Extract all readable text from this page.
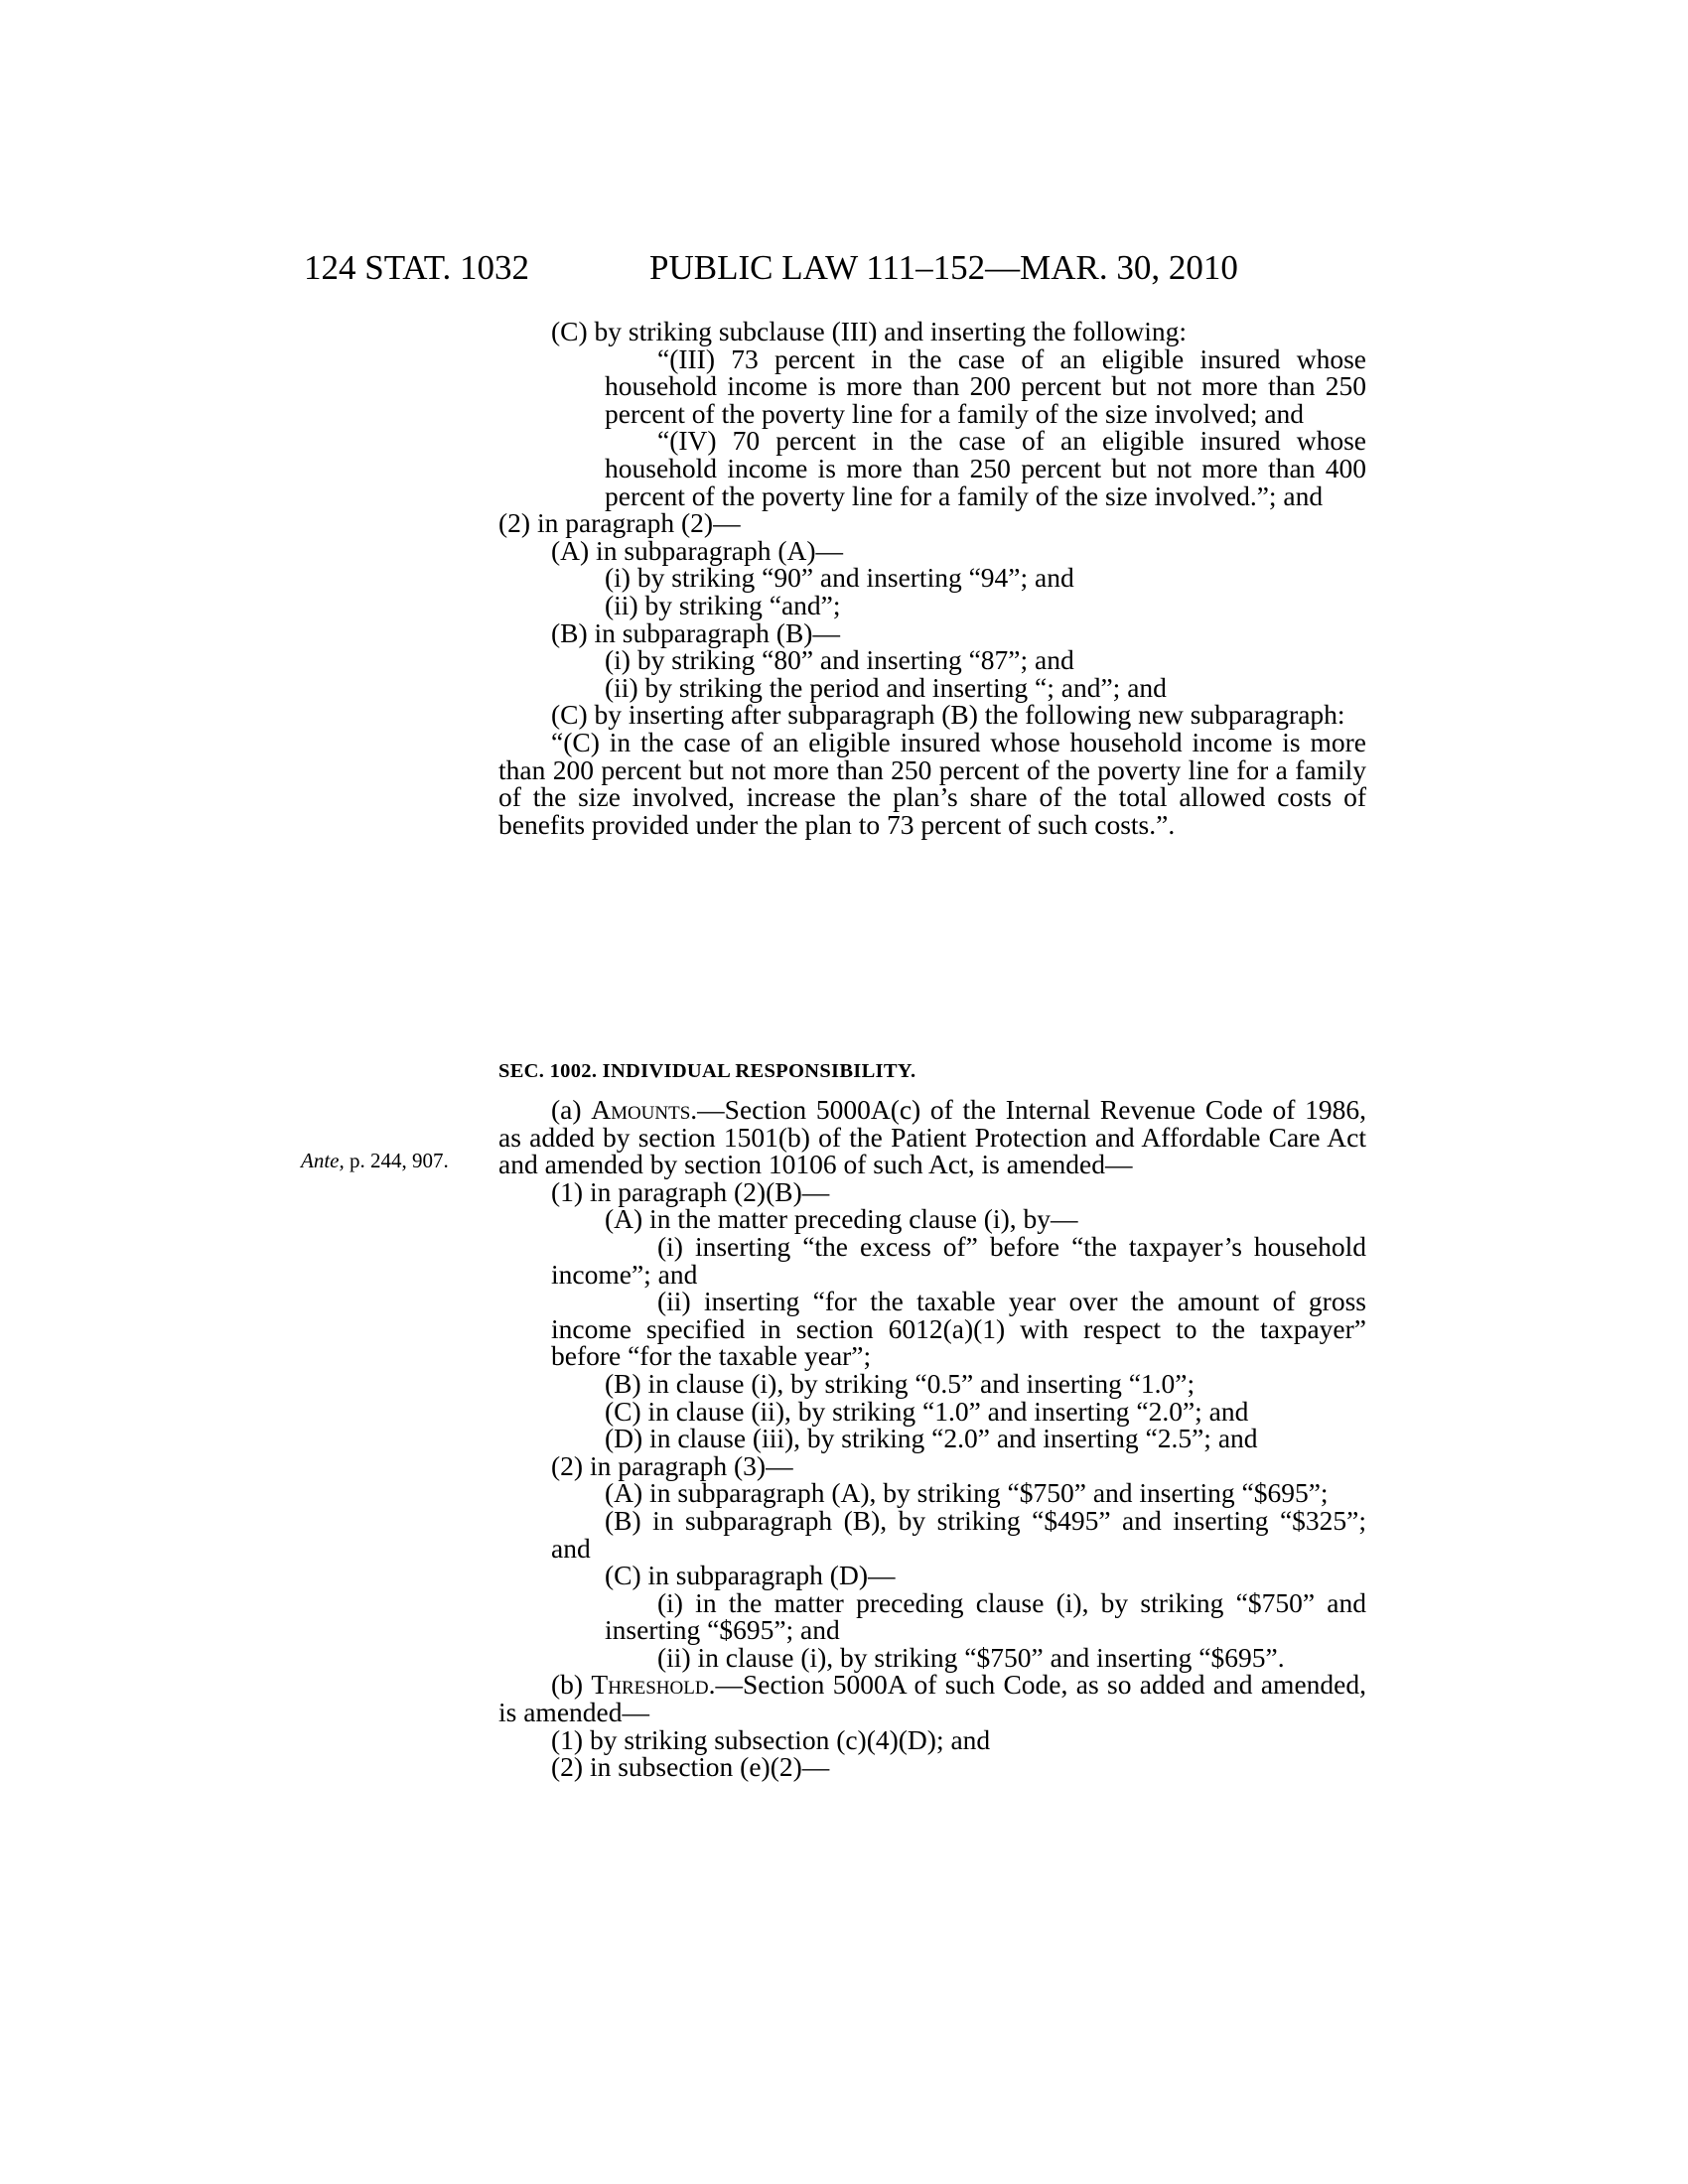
124 STAT. 1032	PUBLIC LAW 111–152—MAR. 30, 2010
Ante, p. 244, 907.

(C) by striking subclause (III) and inserting the following:

“(III) 73 percent in the case of an eligible insured whose household income is more than 200 percent but not more than 250 percent of the poverty line for a family of the size involved; and

“(IV) 70 percent in the case of an eligible insured whose household income is more than 250 percent but not more than 400 percent of the poverty line for a family of the size involved.”; and

(2) in paragraph (2)—

(A) in subparagraph (A)—

(i) by striking “90” and inserting “94”; and

(ii) by striking “and”;

(B) in subparagraph (B)—

(i) by striking “80” and inserting “87”; and

(ii) by striking the period and inserting “; and”; and

(C) by inserting after subparagraph (B) the following new subparagraph:

“(C) in the case of an eligible insured whose household income is more than 200 percent but not more than 250 percent of the poverty line for a family of the size involved, increase the plan’s share of the total allowed costs of benefits provided under the plan to 73 percent of such costs.”.

SEC. 1002. INDIVIDUAL RESPONSIBILITY.

(a) Amounts.—Section 5000A(c) of the Internal Revenue Code of 1986, as added by section 1501(b) of the Patient Protection and Affordable Care Act and amended by section 10106 of such Act, is amended—

(1) in paragraph (2)(B)—

(A) in the matter preceding clause (i), by—

(i) inserting “the excess of” before “the taxpayer’s household income”; and

(ii) inserting “for the taxable year over the amount of gross income specified in section 6012(a)(1) with respect to the taxpayer” before “for the taxable year”;

(B) in clause (i), by striking “0.5” and inserting “1.0”;

(C) in clause (ii), by striking “1.0” and inserting “2.0”; and

(D) in clause (iii), by striking “2.0” and inserting “2.5”; and

(2) in paragraph (3)—

(A) in subparagraph (A), by striking “$750” and inserting “$695”;

(B) in subparagraph (B), by striking “$495” and inserting “$325”; and

(C) in subparagraph (D)—

(i) in the matter preceding clause (i), by striking “$750” and inserting “$695”; and

(ii) in clause (i), by striking “$750” and inserting “$695”.

(b) Threshold.—Section 5000A of such Code, as so added and amended, is amended—

(1) by striking subsection (c)(4)(D); and

(2) in subsection (e)(2)—
